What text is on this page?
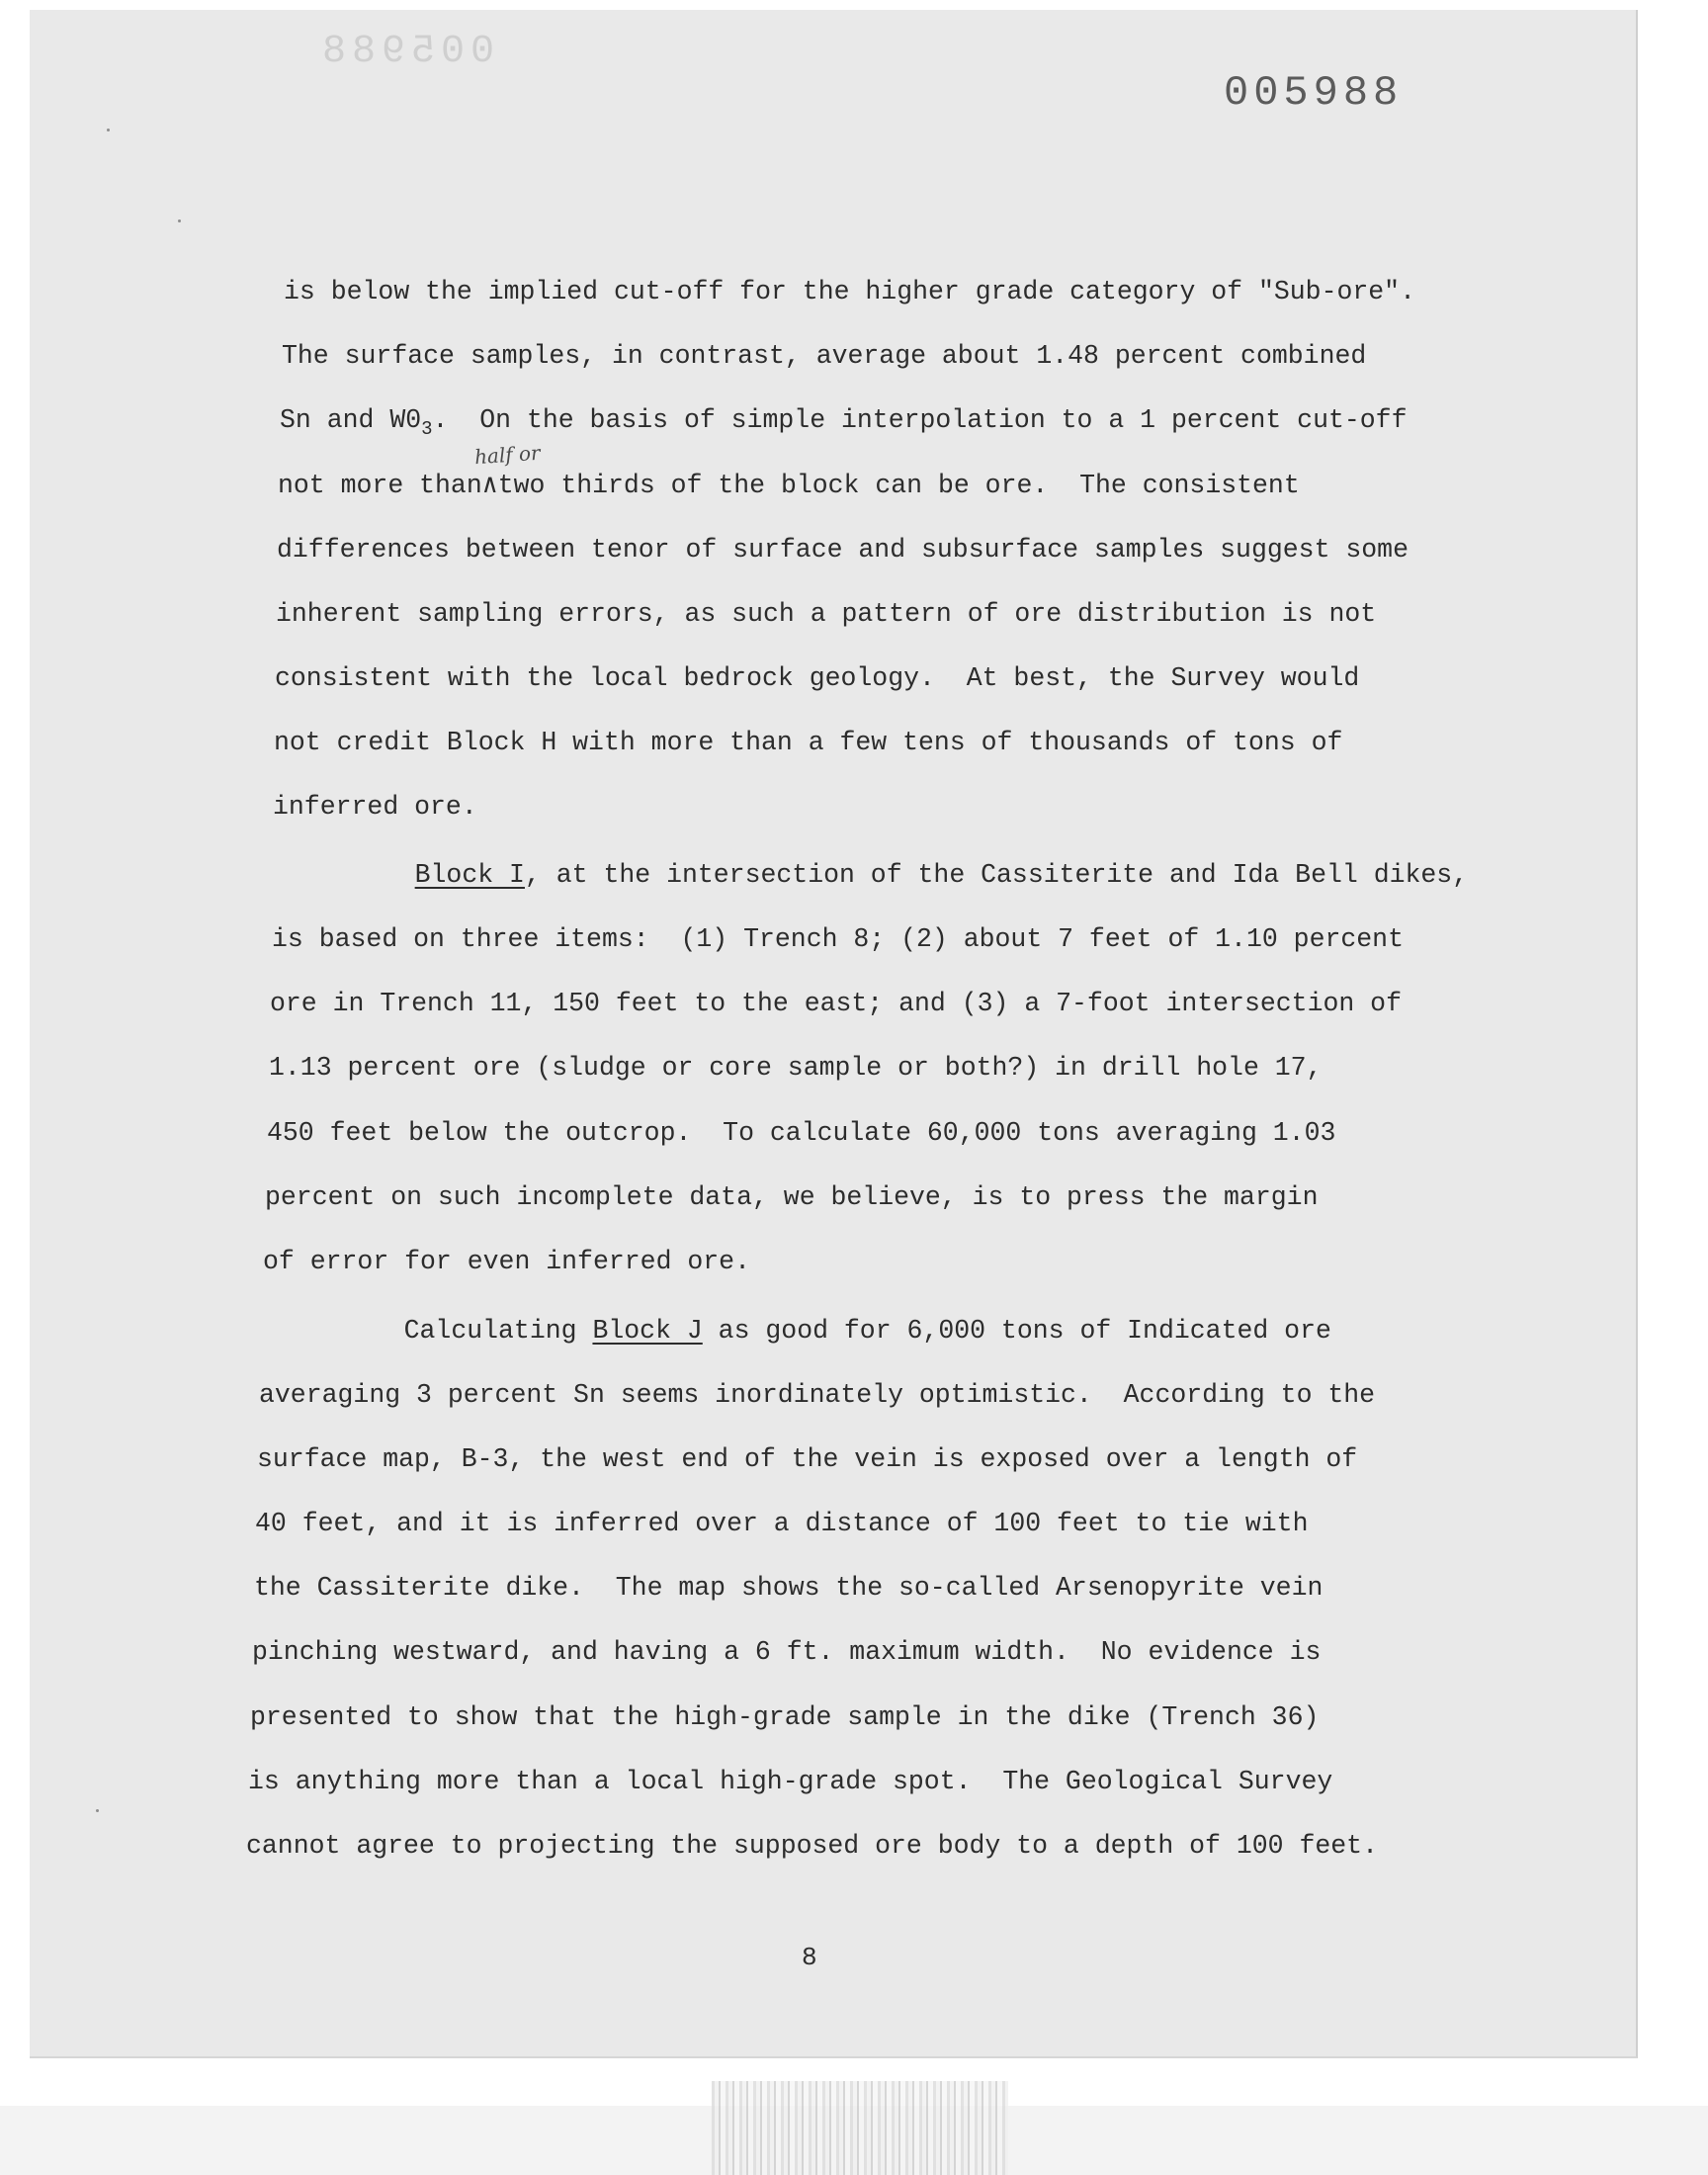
005988
005988
half or
is below the implied cut-off for the higher grade category of "Sub-ore".
The surface samples, in contrast, average about 1.48 percent combined
Sn and $W0_3$.  On the basis of simple interpolation to a 1 percent cut-off
not more than∧two thirds of the block can be ore.  The consistent
differences between tenor of surface and subsurface samples suggest some
inherent sampling errors, as such a pattern of ore distribution is not
consistent with the local bedrock geology.  At best, the Survey would
not credit Block H with more than a few tens of thousands of tons of
inferred ore.
Block I, at the intersection of the Cassiterite and Ida Bell dikes,
is based on three items:  (1) Trench 8; (2) about 7 feet of 1.10 percent
ore in Trench 11, 150 feet to the east; and (3) a 7-foot intersection of
1.13 percent ore (sludge or core sample or both?) in drill hole 17,
450 feet below the outcrop.  To calculate 60,000 tons averaging 1.03
percent on such incomplete data, we believe, is to press the margin
of error for even inferred ore.
Calculating Block J as good for 6,000 tons of Indicated ore
averaging 3 percent Sn seems inordinately optimistic.  According to the
surface map, B-3, the west end of the vein is exposed over a length of
40 feet, and it is inferred over a distance of 100 feet to tie with
the Cassiterite dike.  The map shows the so-called Arsenopyrite vein
pinching westward, and having a 6 ft. maximum width.  No evidence is
presented to show that the high-grade sample in the dike (Trench 36)
is anything more than a local high-grade spot.  The Geological Survey
cannot agree to projecting the supposed ore body to a depth of 100 feet.
8
